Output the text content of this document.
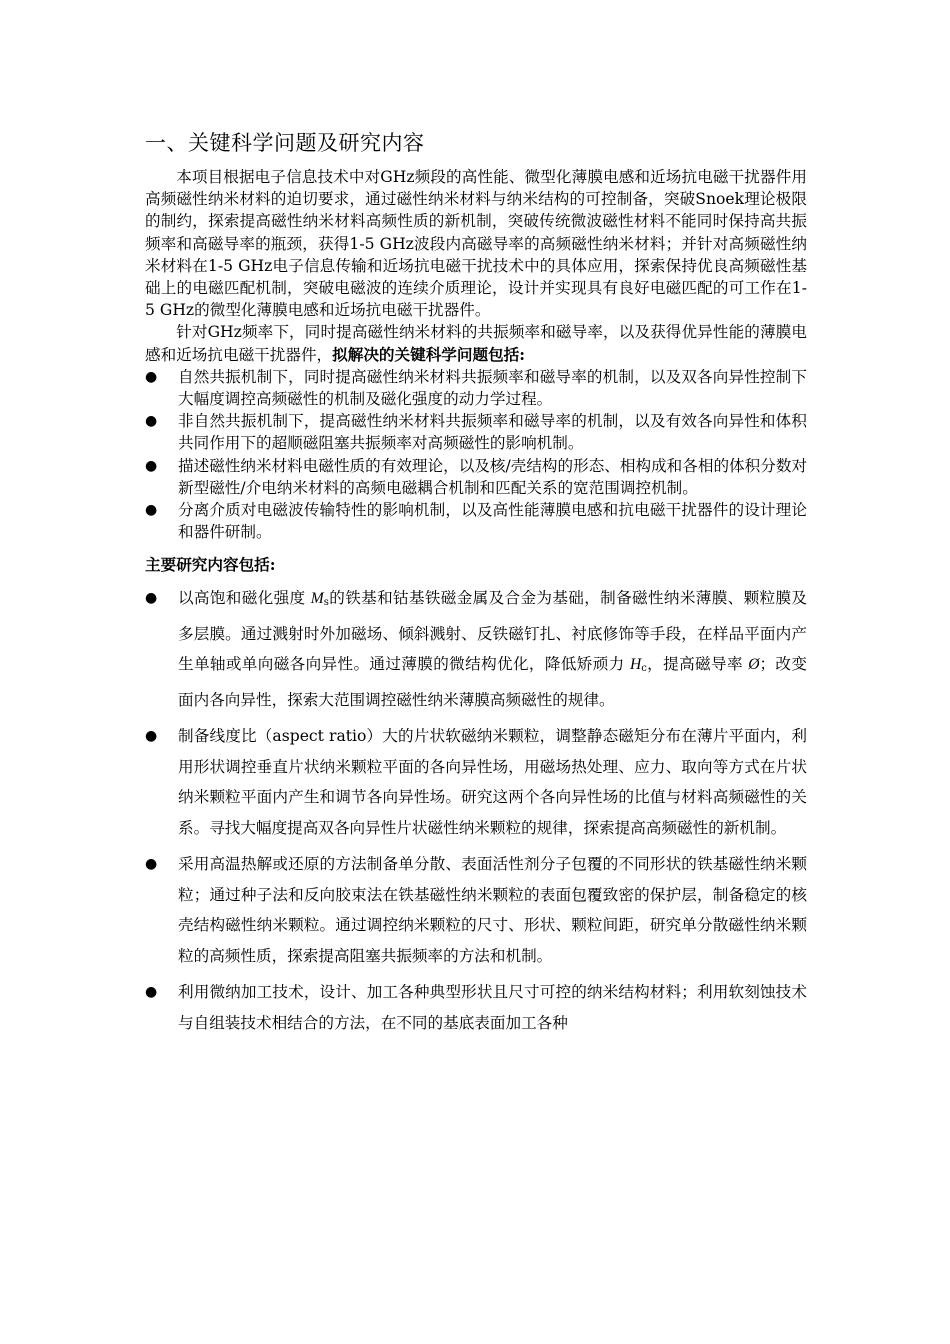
一、关键科学问题及研究内容

本项目根据电子信息技术中对GHz频段的高性能、微型化薄膜电感和近场抗电磁干扰器件用高频磁性纳米材料的迫切要求，通过磁性纳米材料与纳米结构的可控制备，突破Snoek理论极限的制约，探索提高磁性纳米材料高频性质的新机制，突破传统微波磁性材料不能同时保持高共振频率和高磁导率的瓶颈，获得1-5 GHz波段内高磁导率的高频磁性纳米材料；并针对高频磁性纳米材料在1-5 GHz电子信息传输和近场抗电磁干扰技术中的具体应用，探索保持优良高频磁性基础上的电磁匹配机制，突破电磁波的连续介质理论，设计并实现具有良好电磁匹配的可工作在1-5 GHz的微型化薄膜电感和近场抗电磁干扰器件。

针对GHz频率下，同时提高磁性纳米材料的共振频率和磁导率，以及获得优异性能的薄膜电感和近场抗电磁干扰器件，拟解决的关键科学问题包括:

● 自然共振机制下，同时提高磁性纳米材料共振频率和磁导率的机制，以及双各向异性控制下大幅度调控高频磁性的机制及磁化强度的动力学过程。
● 非自然共振机制下，提高磁性纳米材料共振频率和磁导率的机制，以及有效各向异性和体积共同作用下的超顺磁阻塞共振频率对高频磁性的影响机制。
● 描述磁性纳米材料电磁性质的有效理论，以及核/壳结构的形态、相构成和各相的体积分数对新型磁性/介电纳米材料的高频电磁耦合机制和匹配关系的宽范围调控机制。
● 分离介质对电磁波传输特性的影响机制，以及高性能薄膜电感和抗电磁干扰器件的设计理论和器件研制。
主要研究内容包括:
● 以高饱和磁化强度 $M_s$的铁基和钴基铁磁金属及合金为基础，制备磁性纳米薄膜、颗粒膜及多层膜。通过溅射时外加磁场、倾斜溅射、反铁磁钉扎、衬底修饰等手段，在样品平面内产生单轴或单向磁各向异性。通过薄膜的微结构优化，降低矫顽力 $H_c$，提高磁导率 Ø；改变面内各向异性，探索大范围调控磁性纳米薄膜高频磁性的规律。
● 制备线度比（aspect ratio）大的片状软磁纳米颗粒，调整静态磁矩分布在薄片平面内，利用形状调控垂直片状纳米颗粒平面的各向异性场，用磁场热处理、应力、取向等方式在片状纳米颗粒平面内产生和调节各向异性场。研究这两个各向异性场的比值与材料高频磁性的关系。寻找大幅度提高双各向异性片状磁性纳米颗粒的规律，探索提高高频磁性的新机制。
● 采用高温热解或还原的方法制备单分散、表面活性剂分子包覆的不同形状的铁基磁性纳米颗粒；通过种子法和反向胶束法在铁基磁性纳米颗粒的表面包覆致密的保护层，制备稳定的核壳结构磁性纳米颗粒。通过调控纳米颗粒的尺寸、形状、颗粒间距，研究单分散磁性纳米颗粒的高频性质，探索提高阻塞共振频率的方法和机制。
● 利用微纳加工技术，设计、加工各种典型形状且尺寸可控的纳米结构材料；利用软刻蚀技术与自组装技术相结合的方法，在不同的基底表面加工各种
